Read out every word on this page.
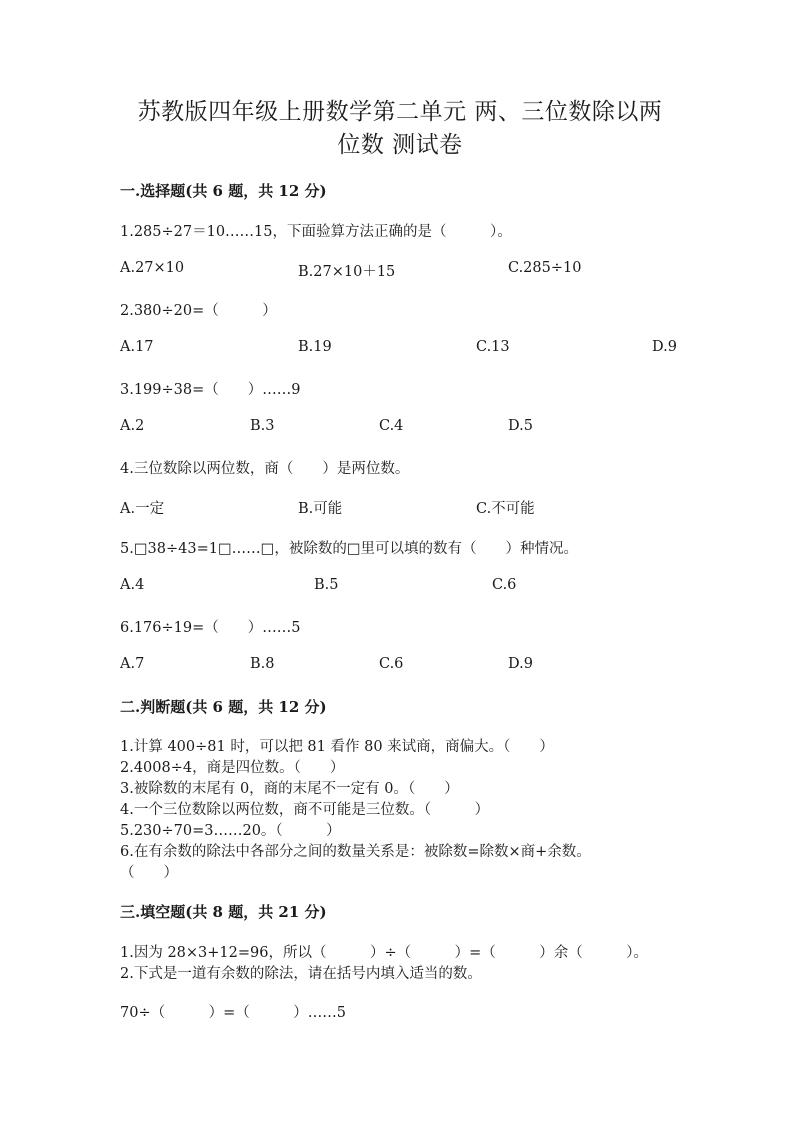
苏教版四年级上册数学第二单元 两、三位数除以两
位数 测试卷
一.选择题(共 6 题，共 12 分)
1.285÷27＝10……15，下面验算方法正确的是（　　　）。
A.27×10	B.27×10＋15	C.285÷10
2.380÷20=（　　　）
A.17	B.19	C.13	D.9
3.199÷38=（　　）……9
A.2	B.3	C.4	D.5
4.三位数除以两位数，商（　　）是两位数。
A.一定	B.可能	C.不可能
5.□38÷43=1□……□，被除数的□里可以填的数有（　　）种情况。
A.4	B.5	C.6
6.176÷19=（　　）……5
A.7	B.8	C.6	D.9
二.判断题(共 6 题，共 12 分)
1.计算 400÷81 时，可以把 81 看作 80 来试商，商偏大。（　　）
2.4008÷4，商是四位数。（　　）
3.被除数的末尾有 0，商的末尾不一定有 0。（　　）
4.一个三位数除以两位数，商不可能是三位数。（　　　）
5.230÷70=3……20。（　　　）
6.在有余数的除法中各部分之间的数量关系是：被除数=除数×商+余数。
（　　）
三.填空题(共 8 题，共 21 分)
1.因为 28×3+12=96，所以（　　　）÷（　　　）=（　　　）余（　　　）。
2.下式是一道有余数的除法，请在括号内填入适当的数。
70÷（　　　）=（　　　）……5
